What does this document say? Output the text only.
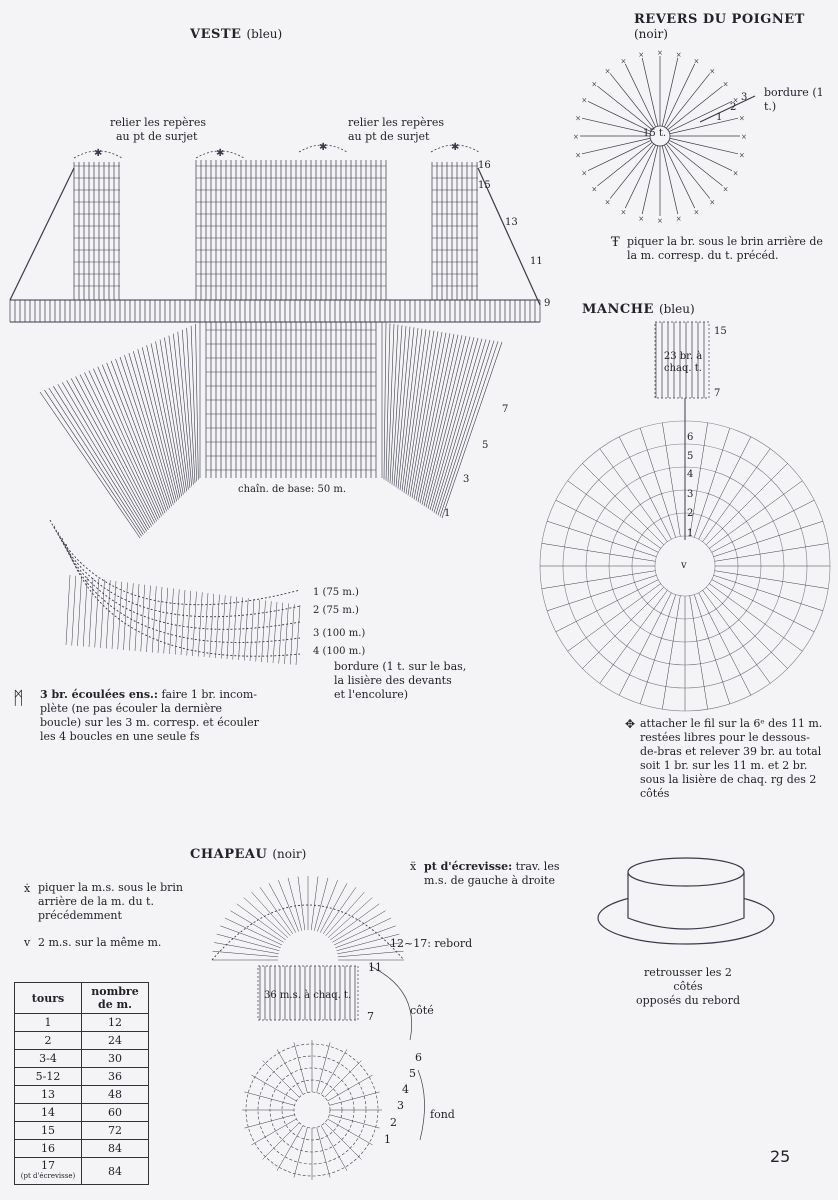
✱	✱
✱	✱
×
×
×
×
×
×
×
×
×
×
×
×
×
×
×
×
×
×
×
×
× × ×
×
×
×
×
×
VESTE (bleu)
relier les repères
au pt de surjet
relier les repères
au pt de surjet
chaîn. de base: 50 m.
16
15
13
11
9
7
5
3
1
1 (75 m.)
2 (75 m.)
3 (100 m.)
4 (100 m.)
bordure (1 t. sur le bas,
la lisière des devants
et l'encolure)
ᛗ 3 br. écoulées ens.: faire 1 br. incom-
plète (ne pas écouler la dernière
boucle) sur les 3 m. corresp. et écouler
les 4 boucles en une seule fs
REVERS DU POIGNET (noir)
bordure (1 t.)
15 t.
3
2
1
Ŧ piquer la br. sous le brin arrière de
la m. corresp. du t. précéd.
MANCHE (bleu)
15
7
23 br. à
chaq. t.
6
5
4
3
2
1
v
✥ attacher le fil sur la 6ᵉ des 11 m.
restées libres pour le dessous-
de-bras et relever 39 br. au total
soit 1 br. sur les 11 m. et 2 br.
sous la lisière de chaq. rg des 2
côtés
CHAPEAU (noir)
ẍ pt d'écrevisse: trav. les
m.s. de gauche à droite
12~17: rebord
11
36 m.s. à chaq. t.
côté
7
6
5
4
3
2
1
fond
retrousser les 2 côtés
opposés du rebord
ẋ piquer la m.s. sous le brin
arrière de la m. du t.
précédemment
v 2 m.s. sur la même m.
tours	nombre de m.
1	12
2	24
3-4	30
5-12	36
13	48
14	60
15	72
16	84
17
(pt d'écrevisse)	84
25
